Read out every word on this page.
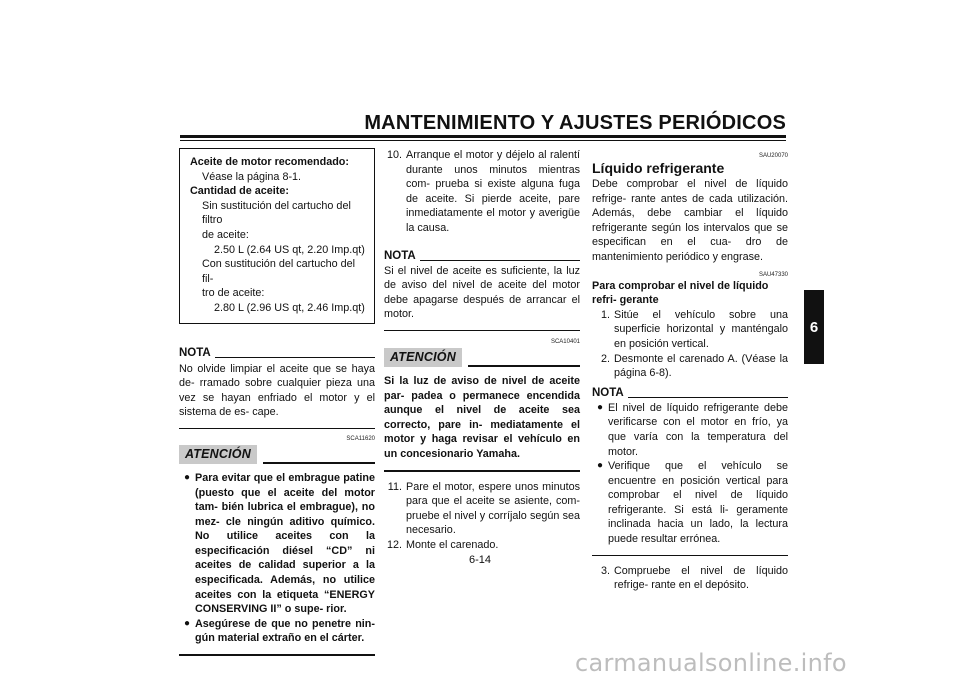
MANTENIMIENTO Y AJUSTES PERIÓDICOS
6
Aceite de motor recomendado:
Véase la página 8-1.
Cantidad de aceite:
Sin sustitución del cartucho del filtro
de aceite:
2.50 L (2.64 US qt, 2.20 Imp.qt)
Con sustitución del cartucho del fil-
tro de aceite:
2.80 L (2.96 US qt, 2.46 Imp.qt)
NOTA
No olvide limpiar el aceite que se haya de- rramado sobre cualquier pieza una vez se hayan enfriado el motor y el sistema de es- cape.
SCA11620
ATENCIÓN
● Para evitar que el embrague patine (puesto que el aceite del motor tam- bién lubrica el embrague), no mez- cle ningún aditivo químico. No utilice aceites con la especificación diésel “CD” ni aceites de calidad superior a la especificada. Además, no utilice aceites con la etiqueta “ENERGY CONSERVING II” o supe- rior.
● Asegúrese de que no penetre nin- gún material extraño en el cárter.
10. Arranque el motor y déjelo al ralentí durante unos minutos mientras com- prueba si existe alguna fuga de aceite. Si pierde aceite, pare inmediatamente el motor y averigüe la causa.
NOTA
Si el nivel de aceite es suficiente, la luz de aviso del nivel de aceite del motor debe apagarse después de arrancar el motor.
SCA10401
ATENCIÓN
Si la luz de aviso de nivel de aceite par- padea o permanece encendida aunque el nivel de aceite sea correcto, pare in- mediatamente el motor y haga revisar el vehículo en un concesionario Yamaha.
11. Pare el motor, espere unos minutos para que el aceite se asiente, com- pruebe el nivel y corríjalo según sea necesario.
12. Monte el carenado.
SAU20070
Líquido refrigerante
Debe comprobar el nivel de líquido refrige- rante antes de cada utilización. Además, debe cambiar el líquido refrigerante según los intervalos que se especifican en el cua- dro de mantenimiento periódico y engrase.
SAU47330
Para comprobar el nivel de líquido refri- gerante
1. Sitúe el vehículo sobre una superficie horizontal y manténgalo en posición vertical.
2. Desmonte el carenado A. (Véase la página 6-8).
NOTA
● El nivel de líquido refrigerante debe verificarse con el motor en frío, ya que varía con la temperatura del motor.
● Verifique que el vehículo se encuentre en posición vertical para comprobar el nivel de líquido refrigerante. Si está li- geramente inclinada hacia un lado, la lectura puede resultar errónea.
3. Compruebe el nivel de líquido refrige- rante en el depósito.
6-14
carmanualsonline.info
